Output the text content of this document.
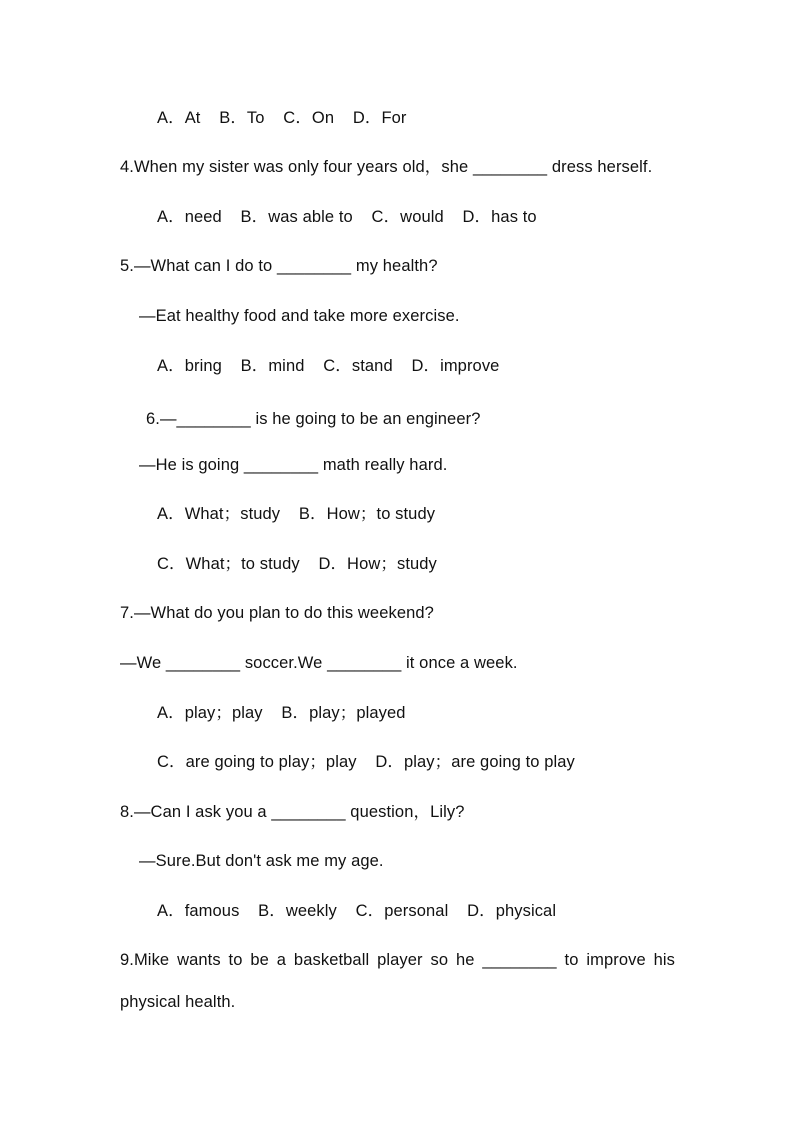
A．At    B．To    C．On    D．For
4.When my sister was only four years old，she ________ dress herself.
A．need    B．was able to    C．would    D．has to
5.—What can I do to ________ my health?
—Eat healthy food and take more exercise.
A．bring    B．mind    C．stand    D．improve
6.—________ is he going to be an engineer?
—He is going ________ math really hard.
A．What；study    B．How；to study
C．What；to study    D．How；study
7.—What do you plan to do this weekend?
—We ________ soccer.We ________ it once a week.
A．play；play    B．play；played
C．are going to play；play    D．play；are going to play
8.—Can I ask you a ________ question，Lily?
—Sure.But don't ask me my age.
A．famous    B．weekly    C．personal    D．physical
9.Mike wants to be a basketball player so he ________ to improve his
physical health.
